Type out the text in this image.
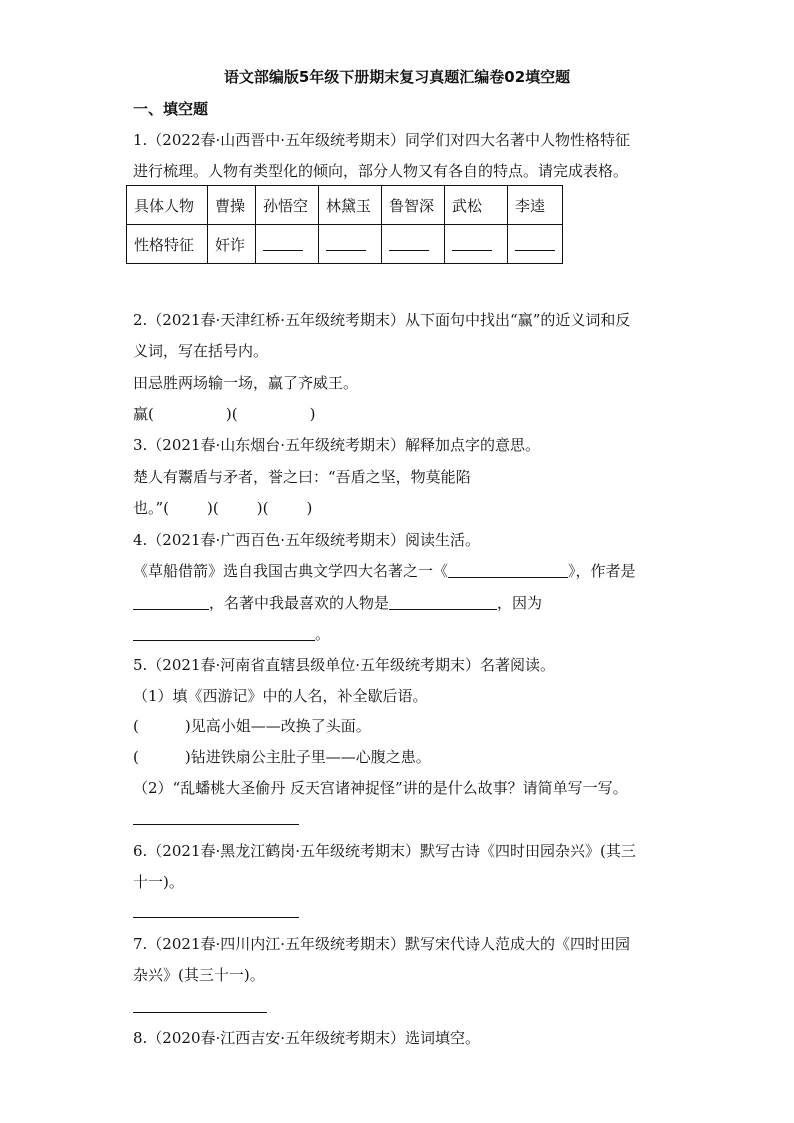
语文部编版5年级下册期末复习真题汇编卷02填空题
一、填空题
1.（2022春·山西晋中·五年级统考期末）同学们对四大名著中人物性格特征
进行梳理。人物有类型化的倾向，部分人物又有各自的特点。请完成表格。
具体人物	曹操	孙悟空	林黛玉	鲁智深	武松	李逵
性格特征	奸诈					
2.（2021春·天津红桥·五年级统考期末）从下面句中找出“赢”的近义词和反
义词，写在括号内。
田忌胜两场输一场，赢了齐威王。
赢(	)(	)
3.（2021春·山东烟台·五年级统考期末）解释加点字的意思。
楚人有鬻盾与矛者，誉之曰：“吾盾之坚，物莫能陷
也。”(	)(	)(	)
4.（2021春·广西百色·五年级统考期末）阅读生活。
《草船借箭》选自我国古典文学四大名著之一《	》，作者是
，名著中我最喜欢的人物是	，因为
。
5.（2021春·河南省直辖县级单位·五年级统考期末）名著阅读。
（1）填《西游记》中的人名，补全歇后语。
(	)见高小姐——改换了头面。
(	)钻进铁扇公主肚子里——心腹之患。
（2）“乱蟠桃大圣偷丹 反天宫诸神捉怪”讲的是什么故事？请简单写一写。
6.（2021春·黑龙江鹤岗·五年级统考期末）默写古诗《四时田园杂兴》(其三
十一)。
7.（2021春·四川内江·五年级统考期末）默写宋代诗人范成大的《四时田园
杂兴》(其三十一)。
8.（2020春·江西吉安·五年级统考期末）选词填空。
